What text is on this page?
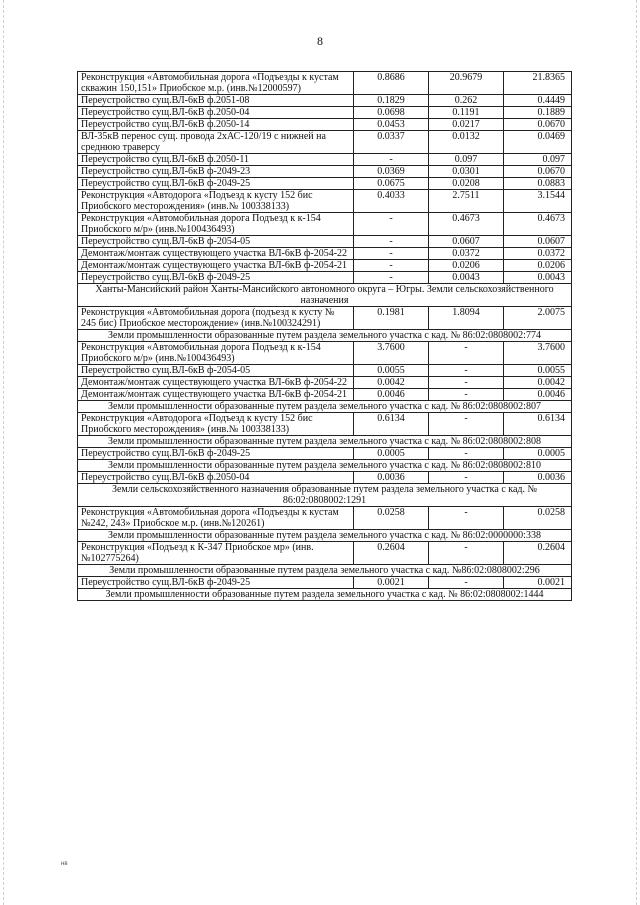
8
Реконструкция «Автомобильная дорога «Подъезды к кустам скважин 150,151» Приобское м.р. (инв.№12000597)	0.8686	20.9679	21.8365
Переустройство сущ.ВЛ-6кВ ф.2051-08	0.1829	0.262	0.4449
Переустройство сущ.ВЛ-6кВ ф.2050-04	0.0698	0.1191	0.1889
Переустройство сущ.ВЛ-6кВ ф.2050-14	0.0453	0.0217	0.0670
ВЛ-35кВ перенос сущ. провода 2хАС-120/19 с нижней на среднюю траверсу	0.0337	0.0132	0.0469
Переустройство сущ.ВЛ-6кВ ф.2050-11	-	0.097	0.097
Переустройство сущ.ВЛ-6кВ ф-2049-23	0.0369	0.0301	0.0670
Переустройство сущ.ВЛ-6кВ ф-2049-25	0.0675	0.0208	0.0883
Реконструкция «Автодорога «Подъезд к кусту 152 бис Приобского месторождения» (инв.№ 100338133)	0.4033	2.7511	3.1544
Реконструкция «Автомобильная дорога Подъезд к к-154 Приобского м/р» (инв.№100436493)	-	0.4673	0.4673
Переустройство сущ.ВЛ-6кВ ф-2054-05	-	0.0607	0.0607
Демонтаж/монтаж существующего участка ВЛ-6кВ ф-2054-22	-	0.0372	0.0372
Демонтаж/монтаж существующего участка ВЛ-6кВ ф-2054-21	-	0.0206	0.0206
Переустройство сущ.ВЛ-6кВ ф-2049-25	-	0.0043	0.0043
Ханты-Мансийский район Ханты-Мансийского автономного округа – Югры. Земли сельскохозяйственного назначения			
Реконструкция «Автомобильная дорога (подъезд к кусту № 245 бис) Приобское месторождение» (инв.№100324291)	0.1981	1.8094	2.0075
Земли промышленности образованные путем раздела земельного участка с кад. № 86:02:0808002:774			
Реконструкция «Автомобильная дорога Подъезд к к-154 Приобского м/р» (инв.№100436493)	3.7600	-	3.7600
Переустройство сущ.ВЛ-6кВ ф-2054-05	0.0055	-	0.0055
Демонтаж/монтаж существующего участка ВЛ-6кВ ф-2054-22	0.0042	-	0.0042
Демонтаж/монтаж существующего участка ВЛ-6кВ ф-2054-21	0.0046	-	0.0046
Земли промышленности образованные путем раздела земельного участка с кад. № 86:02:0808002:807			
Реконструкция «Автодорога «Подъезд к кусту 152 бис Приобского месторождения» (инв.№ 100338133)	0.6134	-	0.6134
Земли промышленности образованные путем раздела земельного участка с кад. № 86:02:0808002:808			
Переустройство сущ.ВЛ-6кВ ф-2049-25	0.0005	-	0.0005
Земли промышленности образованные путем раздела земельного участка с кад. № 86:02:0808002:810			
Переустройство сущ.ВЛ-6кВ ф.2050-04	0.0036	-	0.0036
Земли сельскохозяйственного назначения образованные путем раздела земельного участка с кад. № 86:02:0808002:1291			
Реконструкция «Автомобильная дорога «Подъезды к кустам №242, 243» Приобское м.р. (инв.№120261)	0.0258	-	0.0258
Земли промышленности образованные путем раздела земельного участка с кад. № 86:02:0000000:338			
Реконструкция «Подъезд к К-347 Приобское мр» (инв.№102775264)	0.2604	-	0.2604
Земли промышленности образованные путем раздела земельного участка с кад. №86:02:0808002:296			
Переустройство сущ.ВЛ-6кВ ф-2049-25	0.0021	-	0.0021
Земли промышленности образованные путем раздела земельного участка с кад. № 86:02:0808002:1444			
нв
